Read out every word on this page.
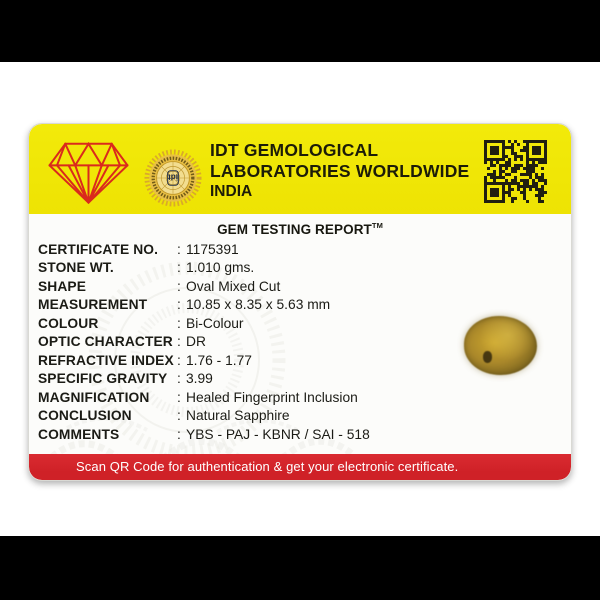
idt
IDT GEMOLOGICAL
LABORATORIES WORLDWIDE
INDIA
GEM TESTING REPORT™
CERTIFICATE NO.	: 1175391
STONE WT.	: 1.010 gms.
SHAPE	: Oval Mixed Cut
MEASUREMENT	: 10.85 x 8.35 x 5.63 mm
COLOUR	: Bi-Colour
OPTIC CHARACTER : DR
REFRACTIVE INDEX : 1.76 - 1.77
SPECIFIC GRAVITY : 3.99
MAGNIFICATION	: Healed Fingerprint Inclusion
CONCLUSION	: Natural Sapphire
COMMENTS	: YBS - PAJ - KBNR / SAI - 518
Scan QR Code for authentication & get your electronic certificate.
